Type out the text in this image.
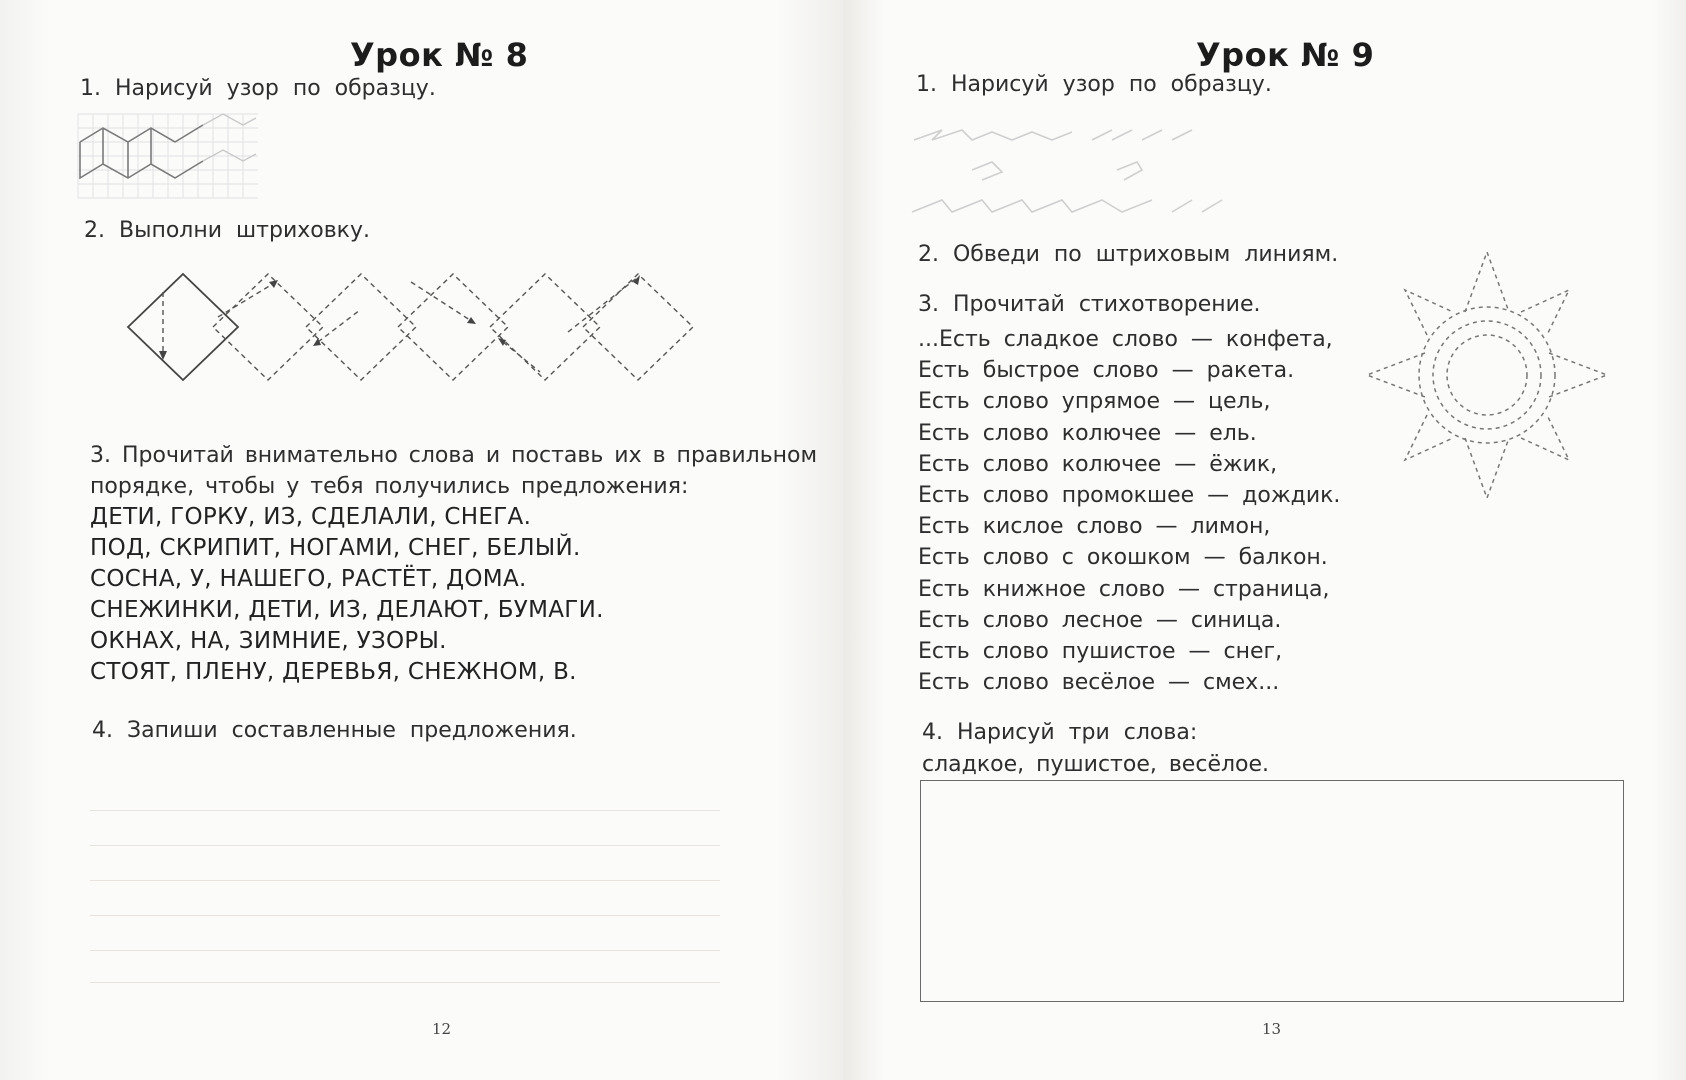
Урок № 8

1. Нарисуй узор по образцу.

2. Выполни штриховку.

3. Прочитай внимательно слова и поставь их в правильном
порядке, чтобы у тебя получились предложения:

ДЕТИ, ГОРКУ, ИЗ, СДЕЛАЛИ, СНЕГА.
ПОД, СКРИПИТ, НОГАМИ, СНЕГ, БЕЛЫЙ.
СОСНА, У, НАШЕГО, РАСТЁТ, ДОМА.
СНЕЖИНКИ, ДЕТИ, ИЗ, ДЕЛАЮТ, БУМАГИ.
ОКНАХ, НА, ЗИМНИЕ, УЗОРЫ.
СТОЯТ, ПЛЕНУ, ДЕРЕВЬЯ, СНЕЖНОМ, В.

4. Запиши составленные предложения.

12

Урок № 9

1. Нарисуй узор по образцу.

2. Обведи по штриховым линиям.

3. Прочитай стихотворение.

...Есть сладкое слово — конфета,
Есть быстрое слово — ракета.
Есть слово упрямое — цель,
Есть слово колючее — ель.
Есть слово колючее — ёжик,
Есть слово промокшее — дождик.
Есть кислое слово — лимон,
Есть слово с окошком — балкон.
Есть книжное слово — страница,
Есть слово лесное — синица.
Есть слово пушистое — снег,
Есть слово весёлое — смех...

4. Нарисуй три слова:

сладкое, пушистое, весёлое.

13
